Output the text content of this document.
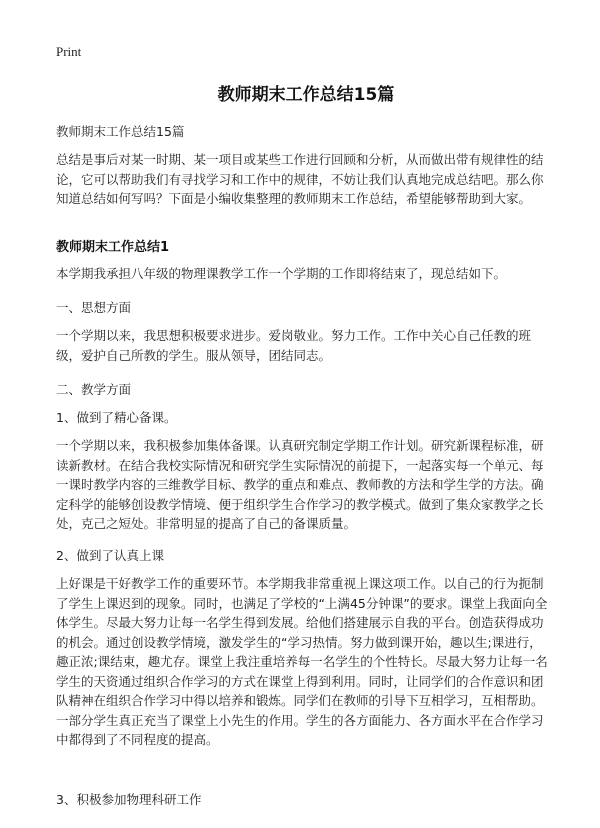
Print
教师期末工作总结15篇
教师期末工作总结15篇
总结是事后对某一时期、某一项目或某些工作进行回顾和分析，从而做出带有规律性的结论，它可以帮助我们有寻找学习和工作中的规律，不妨让我们认真地完成总结吧。那么你知道总结如何写吗？下面是小编收集整理的教师期末工作总结，希望能够帮助到大家。
教师期末工作总结1
本学期我承担八年级的物理课教学工作一个学期的工作即将结束了，现总结如下。
一、思想方面
一个学期以来，我思想积极要求进步。爱岗敬业。努力工作。工作中关心自己任教的班级，爱护自己所教的学生。服从领导，团结同志。
二、教学方面
1、做到了精心备课。
一个学期以来，我积极参加集体备课。认真研究制定学期工作计划。研究新课程标准，研读新教材。在结合我校实际情况和研究学生实际情况的前提下，一起落实每一个单元、每一课时教学内容的三维教学目标、教学的重点和难点、教师教的方法和学生学的方法。确定科学的能够创设教学情境、便于组织学生合作学习的教学模式。做到了集众家教学之长处，克己之短处。非常明显的提高了自己的备课质量。
2、做到了认真上课
上好课是干好教学工作的重要环节。本学期我非常重视上课这项工作。以自己的行为扼制了学生上课迟到的现象。同时，也满足了学校的“上满45分钟课”的要求。课堂上我面向全体学生。尽最大努力让每一名学生得到发展。给他们搭建展示自我的平台。创造获得成功的机会。通过创设教学情境，激发学生的“学习热情。努力做到课开始，趣以生;课进行，趣正浓;课结束，趣尤存。课堂上我注重培养每一名学生的个性特长。尽最大努力让每一名学生的天资通过组织合作学习的方式在课堂上得到利用。同时，让同学们的合作意识和团队精神在组织合作学习中得以培养和锻炼。同学们在教师的引导下互相学习，互相帮助。一部分学生真正充当了课堂上小先生的作用。学生的各方面能力、各方面水平在合作学习中都得到了不同程度的提高。
3、积极参加物理科研工作
